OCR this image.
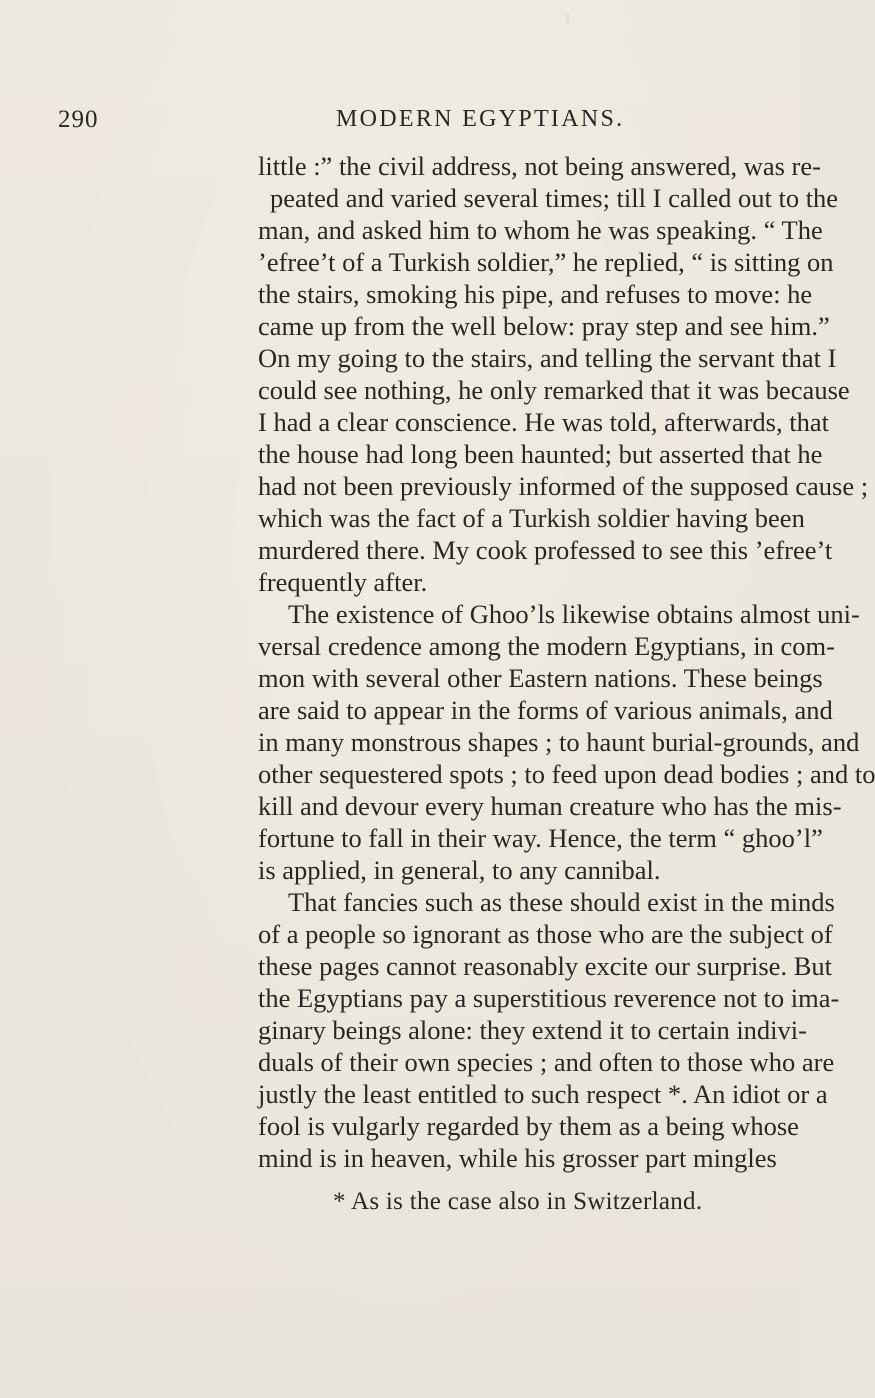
290	MODERN EGYPTIANS.
little :” the civil address, not being answered, was re-
peated and varied several times; till I called out to the
man, and asked him to whom he was speaking. “ The
’efree’t of a Turkish soldier,” he replied, “ is sitting on
the stairs, smoking his pipe, and refuses to move: he
came up from the well below: pray step and see him.”
On my going to the stairs, and telling the servant that I
could see nothing, he only remarked that it was because
I had a clear conscience. He was told, afterwards, that
the house had long been haunted; but asserted that he
had not been previously informed of the supposed cause ;
which was the fact of a Turkish soldier having been
murdered there. My cook professed to see this ’efree’t
frequently after.
The existence of Ghoo’ls likewise obtains almost uni-
versal credence among the modern Egyptians, in com-
mon with several other Eastern nations. These beings
are said to appear in the forms of various animals, and
in many monstrous shapes ; to haunt burial-grounds, and
other sequestered spots ; to feed upon dead bodies ; and to
kill and devour every human creature who has the mis-
fortune to fall in their way. Hence, the term “ ghoo’l”
is applied, in general, to any cannibal.
That fancies such as these should exist in the minds
of a people so ignorant as those who are the subject of
these pages cannot reasonably excite our surprise. But
the Egyptians pay a superstitious reverence not to ima-
ginary beings alone: they extend it to certain indivi-
duals of their own species ; and often to those who are
justly the least entitled to such respect *. An idiot or a
fool is vulgarly regarded by them as a being whose
mind is in heaven, while his grosser part mingles
* As is the case also in Switzerland.
